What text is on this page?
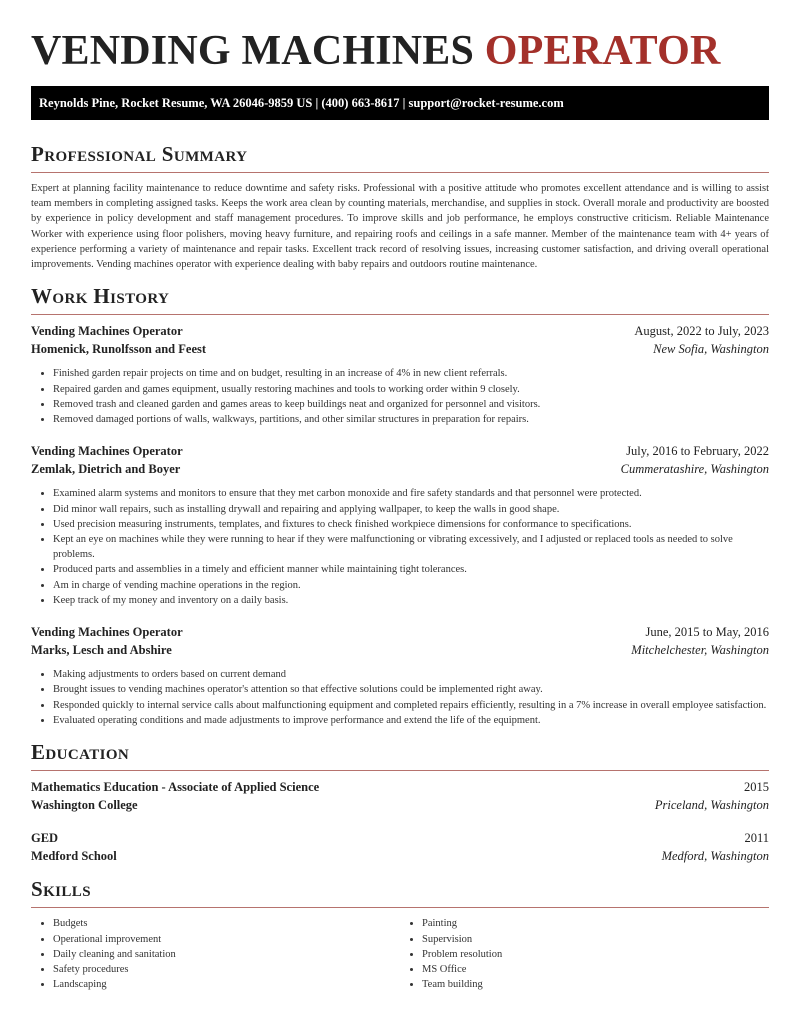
VENDING MACHINES OPERATOR
Reynolds Pine, Rocket Resume, WA 26046-9859 US | (400) 663-8617 | support@rocket-resume.com
Professional Summary

Expert at planning facility maintenance to reduce downtime and safety risks. Professional with a positive attitude who promotes excellent attendance and is willing to assist team members in completing assigned tasks. Keeps the work area clean by counting materials, merchandise, and supplies in stock. Overall morale and productivity are boosted by experience in policy development and staff management procedures. To improve skills and job performance, he employs constructive criticism. Reliable Maintenance Worker with experience using floor polishers, moving heavy furniture, and repairing roofs and ceilings in a safe manner. Member of the maintenance team with 4+ years of experience performing a variety of maintenance and repair tasks. Excellent track record of resolving issues, increasing customer satisfaction, and driving overall operational improvements. Vending machines operator with experience dealing with baby repairs and outdoors routine maintenance.

Work History
Vending Machines Operator	August, 2022 to July, 2023
Homenick, Runolfsson and Feest	New Sofia, Washington
• Finished garden repair projects on time and on budget, resulting in an increase of 4% in new client referrals.
• Repaired garden and games equipment, usually restoring machines and tools to working order within 9 closely.
• Removed trash and cleaned garden and games areas to keep buildings neat and organized for personnel and visitors.
• Removed damaged portions of walls, walkways, partitions, and other similar structures in preparation for repairs.
Vending Machines Operator	July, 2016 to February, 2022
Zemlak, Dietrich and Boyer	Cummeratashire, Washington
• Examined alarm systems and monitors to ensure that they met carbon monoxide and fire safety standards and that personnel were protected.
• Did minor wall repairs, such as installing drywall and repairing and applying wallpaper, to keep the walls in good shape.
• Used precision measuring instruments, templates, and fixtures to check finished workpiece dimensions for conformance to specifications.
• Kept an eye on machines while they were running to hear if they were malfunctioning or vibrating excessively, and I adjusted or replaced tools as needed to solve problems.
• Produced parts and assemblies in a timely and efficient manner while maintaining tight tolerances.
• Am in charge of vending machine operations in the region.
• Keep track of my money and inventory on a daily basis.
Vending Machines Operator	June, 2015 to May, 2016
Marks, Lesch and Abshire	Mitchelchester, Washington
• Making adjustments to orders based on current demand
• Brought issues to vending machines operator's attention so that effective solutions could be implemented right away.
• Responded quickly to internal service calls about malfunctioning equipment and completed repairs efficiently, resulting in a 7% increase in overall employee satisfaction.
• Evaluated operating conditions and made adjustments to improve performance and extend the life of the equipment.
Education
Mathematics Education - Associate of Applied Science	2015
Washington College	Priceland, Washington
GED	2011
Medford School	Medford, Washington
Skills
• Budgets
• Operational improvement
• Daily cleaning and sanitation
• Safety procedures
• Landscaping
• Painting
• Supervision
• Problem resolution
• MS Office
• Team building
